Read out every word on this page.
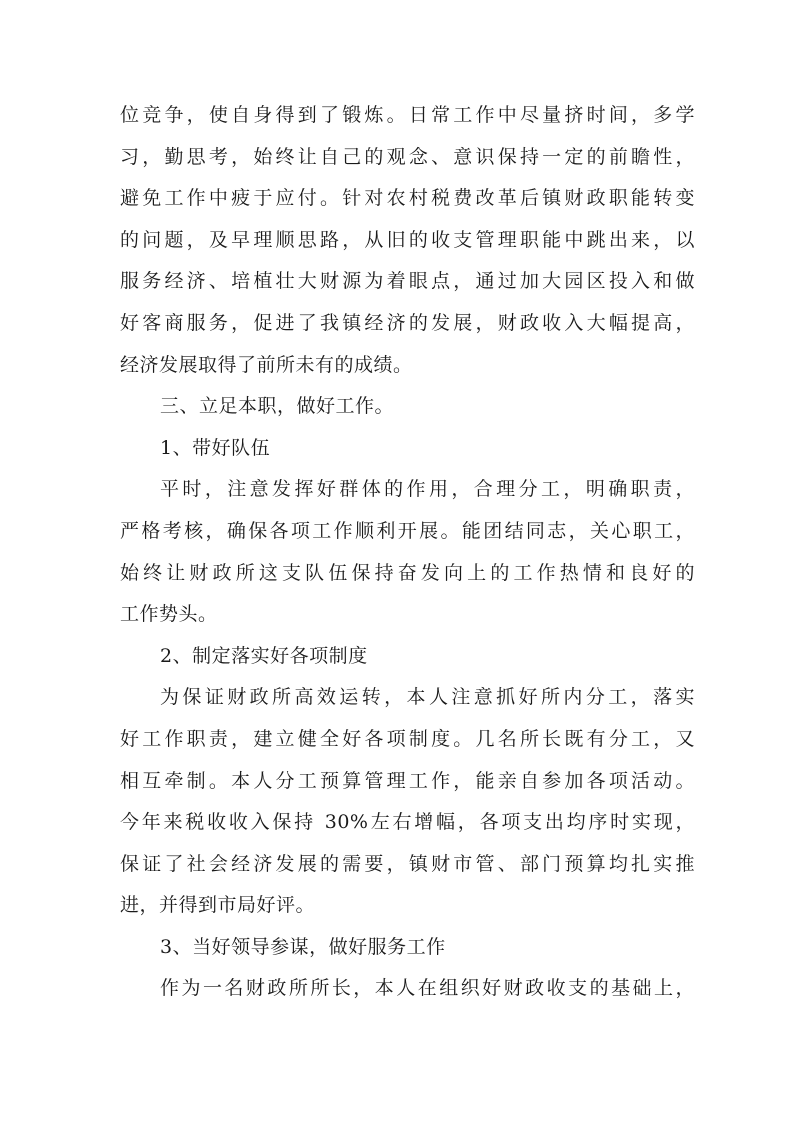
位竞争，使自身得到了锻炼。日常工作中尽量挤时间，多学
习，勤思考，始终让自己的观念、意识保持一定的前瞻性，
避免工作中疲于应付。针对农村税费改革后镇财政职能转变
的问题，及早理顺思路，从旧的收支管理职能中跳出来，以
服务经济、培植壮大财源为着眼点，通过加大园区投入和做
好客商服务，促进了我镇经济的发展，财政收入大幅提高，
经济发展取得了前所未有的成绩。
三、立足本职，做好工作。
1、带好队伍
平时，注意发挥好群体的作用，合理分工，明确职责，
严格考核，确保各项工作顺利开展。能团结同志，关心职工，
始终让财政所这支队伍保持奋发向上的工作热情和良好的
工作势头。
2、制定落实好各项制度
为保证财政所高效运转，本人注意抓好所内分工，落实
好工作职责，建立健全好各项制度。几名所长既有分工，又
相互牵制。本人分工预算管理工作，能亲自参加各项活动。
今年来税收收入保持 30%左右增幅，各项支出均序时实现，
保证了社会经济发展的需要，镇财市管、部门预算均扎实推
进，并得到市局好评。
3、当好领导参谋，做好服务工作
作为一名财政所所长，本人在组织好财政收支的基础上，
